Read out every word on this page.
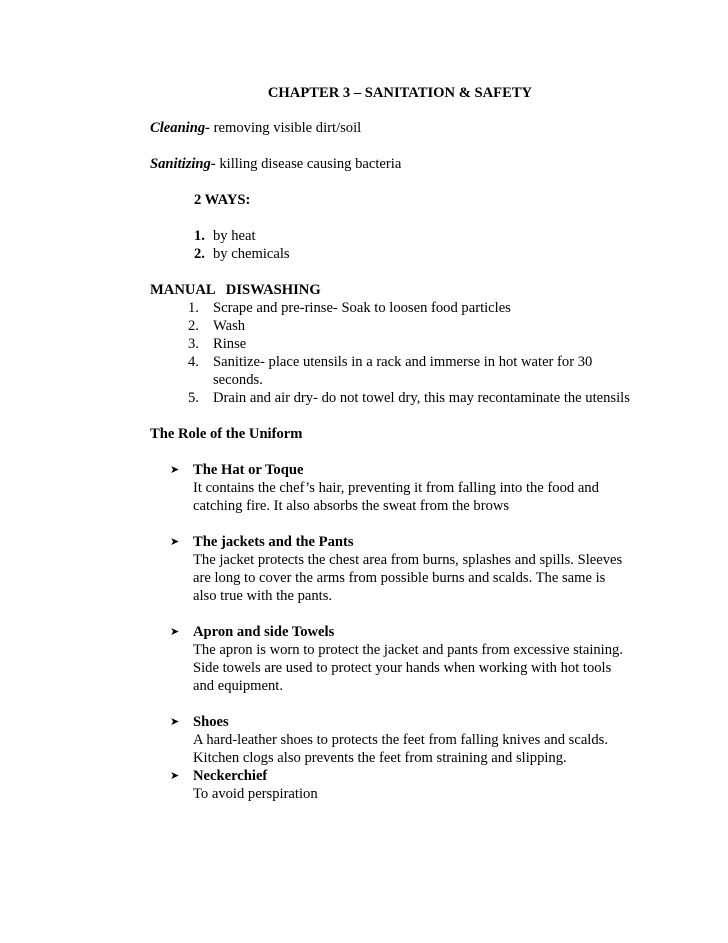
CHAPTER 3 – SANITATION & SAFETY

Cleaning- removing visible dirt/soil

Sanitizing- killing disease causing bacteria

2 WAYS:
1. by heat
2. by chemicals
MANUAL   DISWASHING
1. Scrape and pre-rinse- Soak to loosen food particles
2. Wash
3. Rinse
4. Sanitize- place utensils in a rack and immerse in hot water for 30 seconds.
5. Drain and air dry- do not towel dry, this may recontaminate the utensils
The Role of the Uniform
➤ The Hat or Toque
It contains the chef’s hair, preventing it from falling into the food and catching fire. It also absorbs the sweat from the brows
➤ The jackets and the Pants
The jacket protects the chest area from burns, splashes and spills. Sleeves are long to cover the arms from possible burns and scalds. The same is also true with the pants.
➤ Apron and side Towels
The apron is worn to protect the jacket and pants from excessive staining. Side towels are used to protect your hands when working with hot tools and equipment.
➤ Shoes
A hard-leather shoes to protects the feet from falling knives and scalds. Kitchen clogs also prevents the feet from straining and slipping.
➤ Neckerchief
To avoid perspiration
